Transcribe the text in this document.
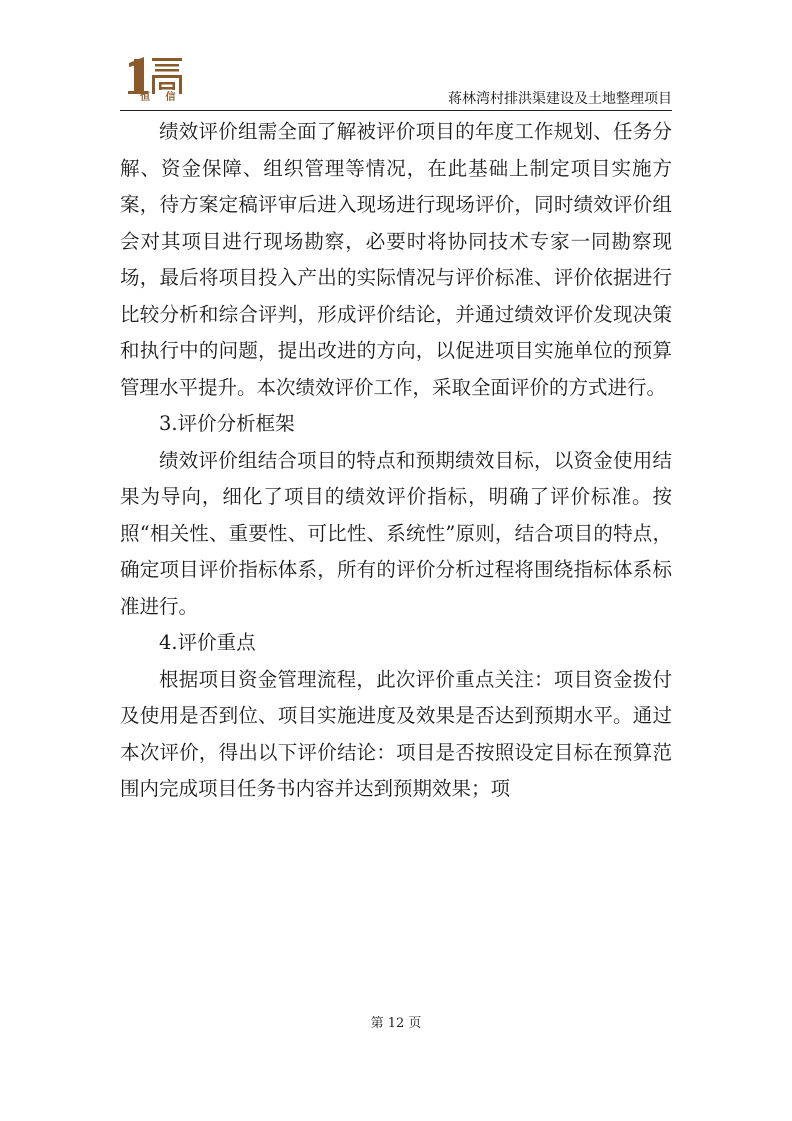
恒 信	蒋林湾村排洪渠建设及土地整理项目

绩效评价组需全面了解被评价项目的年度工作规划、任务分解、资金保障、组织管理等情况，在此基础上制定项目实施方案，待方案定稿评审后进入现场进行现场评价，同时绩效评价组会对其项目进行现场勘察，必要时将协同技术专家一同勘察现场，最后将项目投入产出的实际情况与评价标准、评价依据进行比较分析和综合评判，形成评价结论，并通过绩效评价发现决策和执行中的问题，提出改进的方向，以促进项目实施单位的预算管理水平提升。本次绩效评价工作，采取全面评价的方式进行。

3.评价分析框架

绩效评价组结合项目的特点和预期绩效目标，以资金使用结果为导向，细化了项目的绩效评价指标，明确了评价标准。按照“相关性、重要性、可比性、系统性”原则，结合项目的特点，确定项目评价指标体系，所有的评价分析过程将围绕指标体系标准进行。

4.评价重点

根据项目资金管理流程，此次评价重点关注：项目资金拨付及使用是否到位、项目实施进度及效果是否达到预期水平。通过本次评价，得出以下评价结论：项目是否按照设定目标在预算范围内完成项目任务书内容并达到预期效果；项

第 12 页
